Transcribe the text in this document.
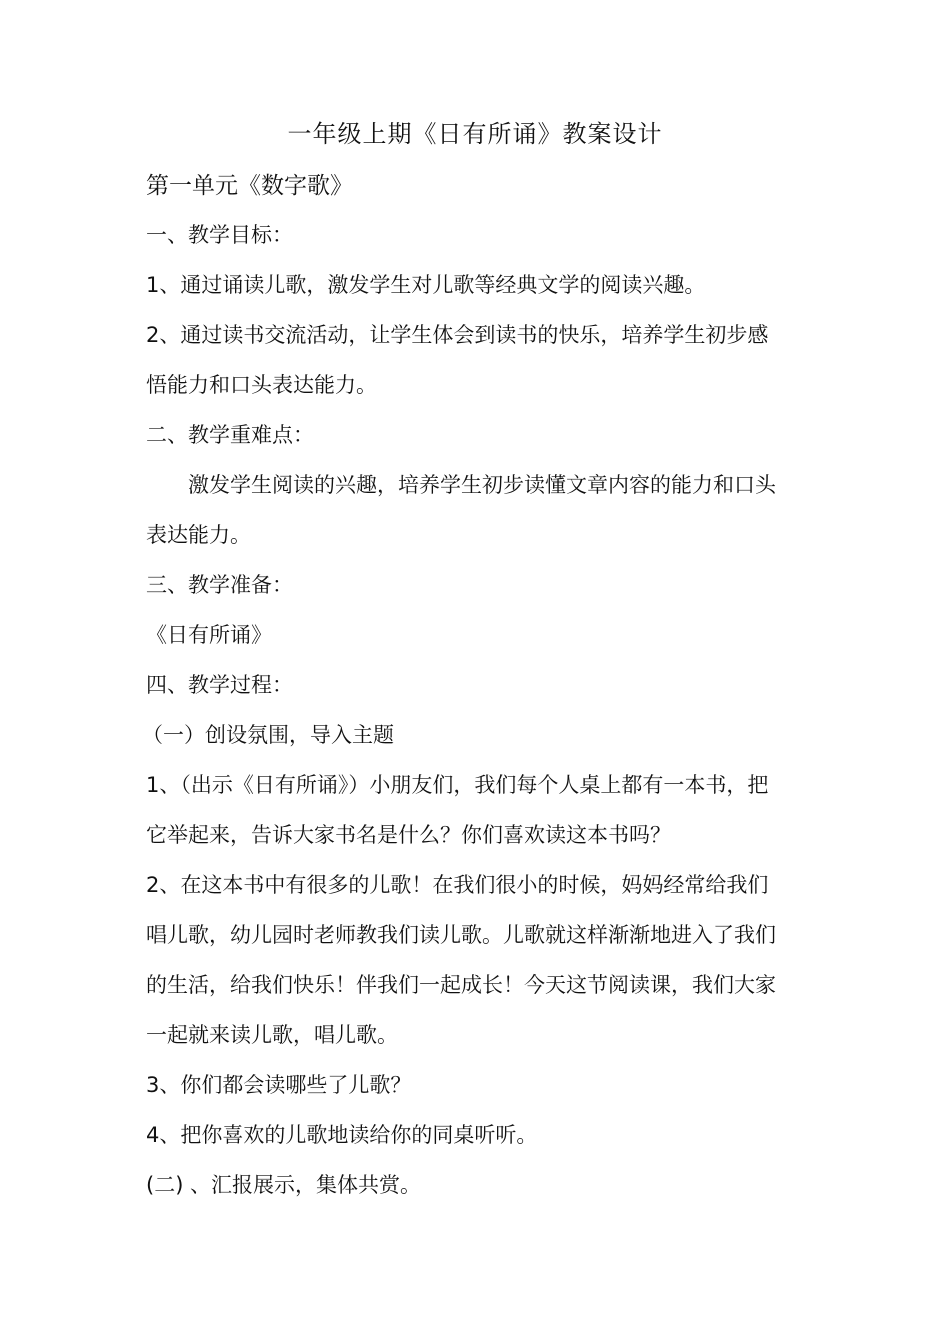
一年级上期《日有所诵》教案设计
第一单元《数字歌》
一、教学目标：
1、通过诵读儿歌，激发学生对儿歌等经典文学的阅读兴趣。
2、通过读书交流活动，让学生体会到读书的快乐，培养学生初步感
悟能力和口头表达能力。
二、教学重难点：
激发学生阅读的兴趣，培养学生初步读懂文章内容的能力和口头
表达能力。
三、教学准备：
《日有所诵》
四、教学过程：
（一）创设氛围，导入主题
1、（出示《日有所诵》）小朋友们，我们每个人桌上都有一本书，把
它举起来，告诉大家书名是什么？你们喜欢读这本书吗？
2、在这本书中有很多的儿歌！在我们很小的时候，妈妈经常给我们
唱儿歌，幼儿园时老师教我们读儿歌。儿歌就这样渐渐地进入了我们
的生活，给我们快乐！伴我们一起成长！今天这节阅读课，我们大家
一起就来读儿歌，唱儿歌。
3、你们都会读哪些了儿歌？
4、把你喜欢的儿歌地读给你的同桌听听。
(二) 、汇报展示，集体共赏。
